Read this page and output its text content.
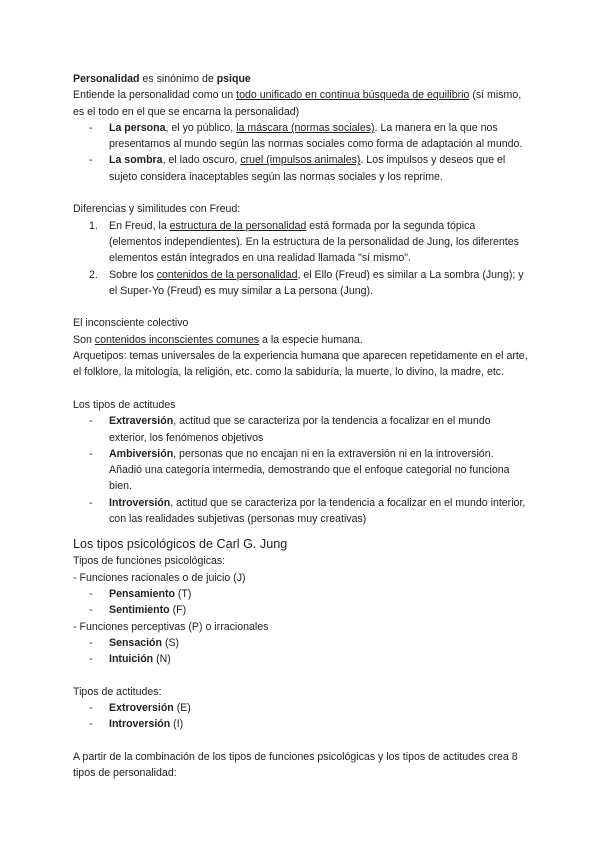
Personalidad es sinónimo de psique

Entiende la personalidad como un todo unificado en continua búsqueda de equilibrio (sí mismo, es el todo en el que se encarna la personalidad)

- La persona, el yo público, la máscara (normas sociales). La manera en la que nos presentamos al mundo según las normas sociales como forma de adaptación al mundo.
- La sombra, el lado oscuro, cruel (impulsos animales). Los impulsos y deseos que el sujeto considera inaceptables según las normas sociales y los reprime.

Diferencias y similitudes con Freud:

1. En Freud, la estructura de la personalidad está formada por la segunda tópica (elementos independientes). En la estructura de la personalidad de Jung, los diferentes elementos están integrados en una realidad llamada "sí mismo".
2. Sobre los contenidos de la personalidad, el Ello (Freud) es similar a La sombra (Jung); y el Super-Yo (Freud) es muy similar a La persona (Jung).

El inconsciente colectivo

Son contenidos inconscientes comunes a la especie humana.

Arquetipos: temas universales de la experiencia humana que aparecen repetidamente en el arte, el folklore, la mitología, la religión, etc. como la sabiduría, la muerte, lo divino, la madre, etc.

Los tipos de actitudes

- Extraversión, actitud que se caracteriza por la tendencia a focalizar en el mundo exterior, los fenómenos objetivos
- Ambiversión, personas que no encajan ni en la extraversión ni en la introversión. Añadió una categoría intermedia, demostrando que el enfoque categorial no funciona bien.
- Introversión, actitud que se caracteriza por la tendencia a focalizar en el mundo interior, con las realidades subjetivas (personas muy creativas)

Los tipos psicológicos de Carl G. Jung

Tipos de funciones psicológicas:

- Funciones racionales o de juicio (J)

- Pensamiento (T)
- Sentimiento (F)

- Funciones perceptivas (P) o irracionales

- Sensación (S)
- Intuición (N)

Tipos de actitudes:

- Extroversión (E)
- Introversión (I)

A partir de la combinación de los tipos de funciones psicológicas y los tipos de actitudes crea 8 tipos de personalidad:
